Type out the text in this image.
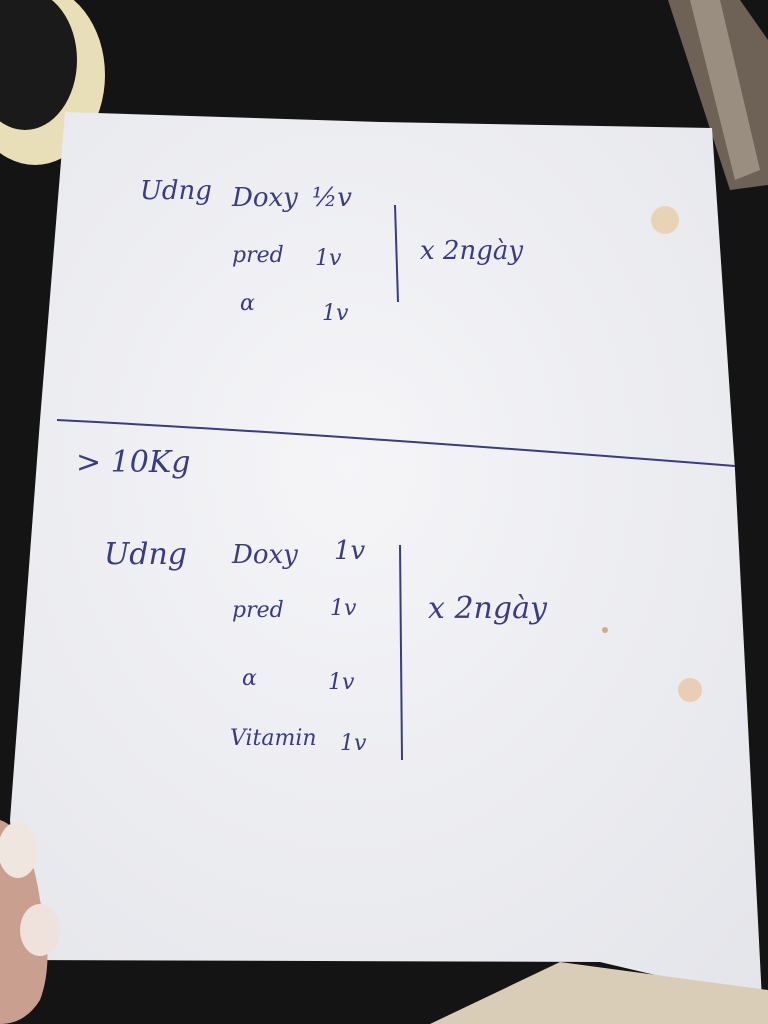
Udng Doxy ½v
pred 1v
α	1v
x 2ngày
> 10Kg
Udng Doxy 1v
pred 1v
α	1v
Vitamin 1v
x 2ngày
